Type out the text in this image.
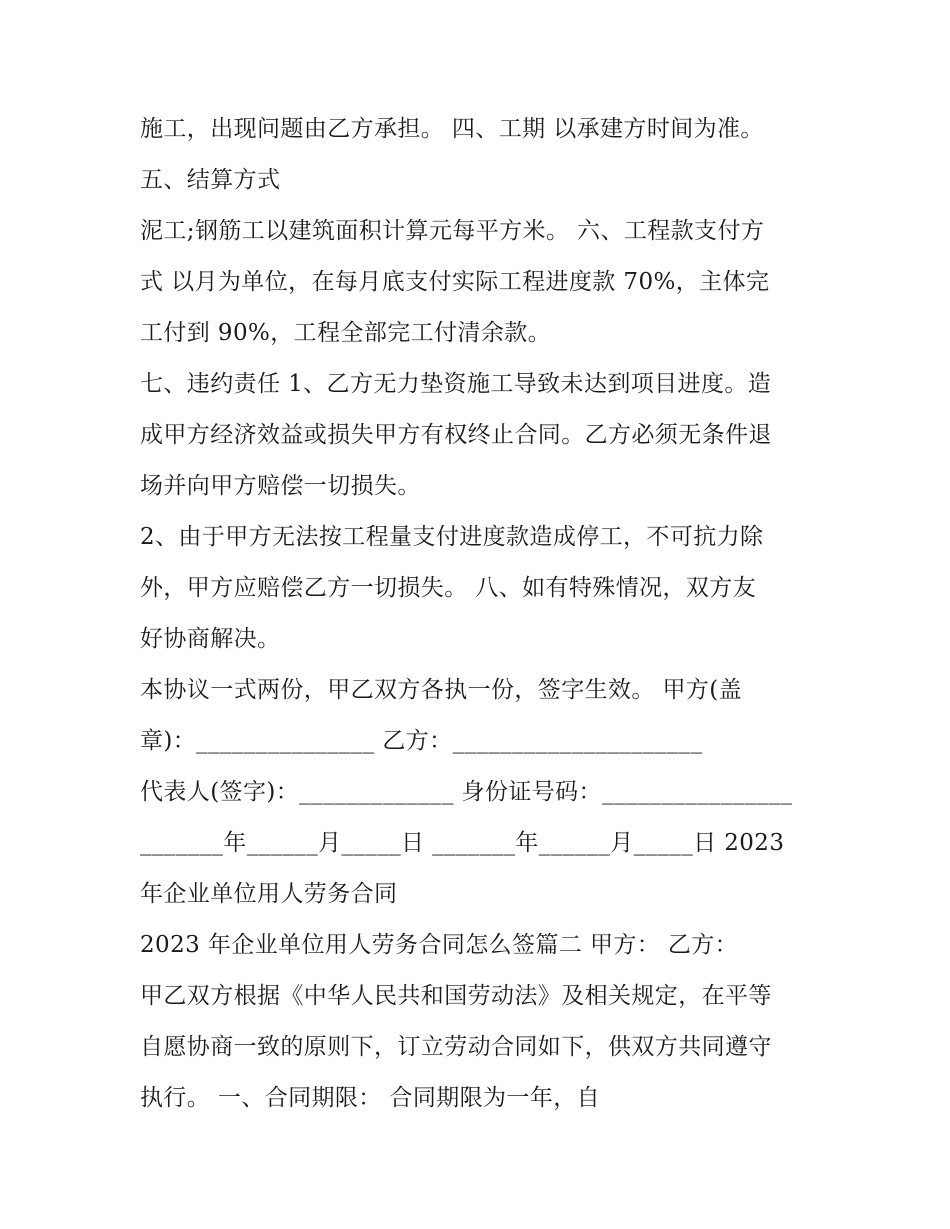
施工，出现问题由乙方承担。 四、工期 以承建方时间为准。

五、结算方式

泥工;钢筋工以建筑面积计算元每平方米。 六、工程款支付方

式 以月为单位，在每月底支付实际工程进度款 70%，主体完

工付到 90%，工程全部完工付清余款。

七、违约责任 1、乙方无力垫资施工导致未达到项目进度。造

成甲方经济效益或损失甲方有权终止合同。乙方必须无条件退

场并向甲方赔偿一切损失。

2、由于甲方无法按工程量支付进度款造成停工，不可抗力除

外，甲方应赔偿乙方一切损失。 八、如有特殊情况，双方友

好协商解决。

本协议一式两份，甲乙双方各执一份，签字生效。 甲方(盖

章)：_______________ 乙方：_____________________

代表人(签字)：_____________ 身份证号码：________________

_______年______月_____日 _______年______月_____日 2023

年企业单位用人劳务合同

2023 年企业单位用人劳务合同怎么签篇二 甲方： 乙方：

甲乙双方根据《中华人民共和国劳动法》及相关规定，在平等

自愿协商一致的原则下，订立劳动合同如下，供双方共同遵守

执行。 一、合同期限： 合同期限为一年，自
